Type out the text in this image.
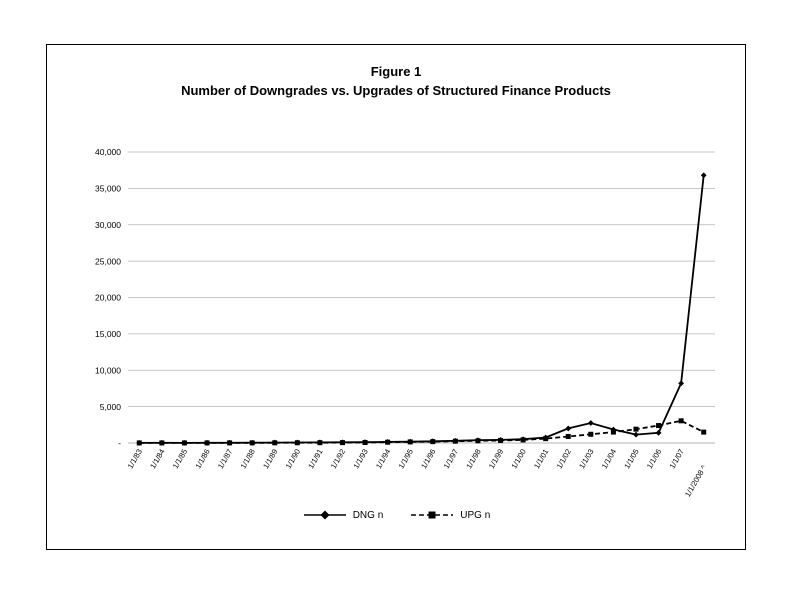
Figure 1
Number of Downgrades vs. Upgrades of Structured Finance Products
-
5,000
10,000
15,000
20,000
25,000
30,000
35,000
40,000
1/1/83 1/1/84 1/1/85 1/1/86 1/1/87 1/1/88 1/1/89 1/1/90 1/1/91 1/1/92 1/1/93 1/1/94 1/1/95 1/1/96 1/1/97 1/1/98 1/1/99 1/1/00 1/1/01 1/1/02 1/1/03 1/1/04 1/1/05 1/1/06 1/1/07
1/1/2008 ^
DNG n	UPG n
